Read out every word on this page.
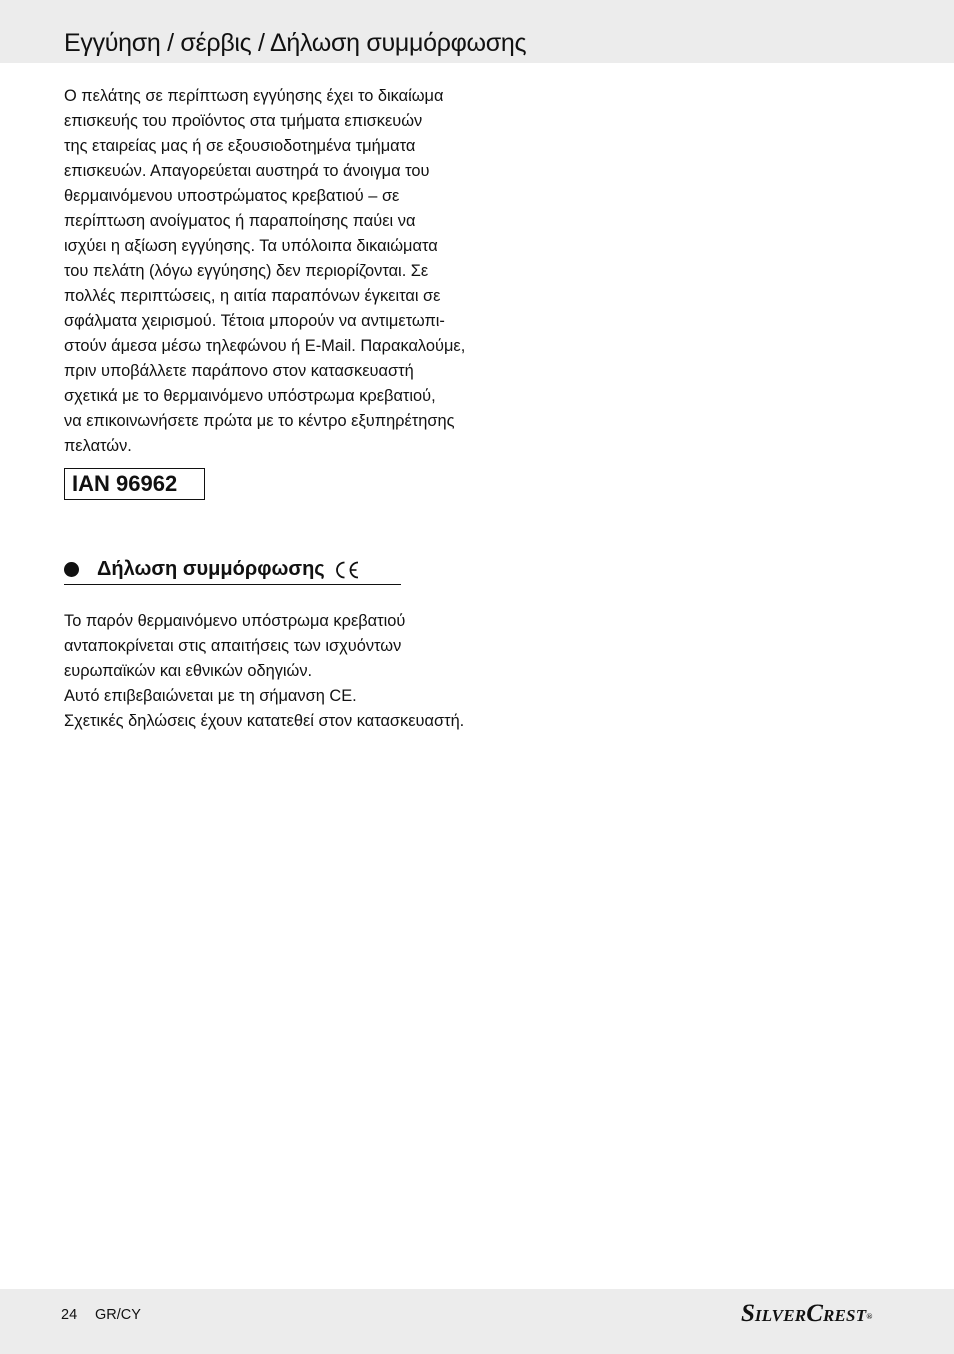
Εγγύηση / σέρβις / Δήλωση συμμόρφωσης
Ο πελάτης σε περίπτωση εγγύησης έχει το δικαίωμα
επισκευής του προϊόντος στα τμήματα επισκευών
της εταιρείας μας ή σε εξουσιοδοτημένα τμήματα
επισκευών. Απαγορεύεται αυστηρά το άνοιγμα του
θερμαινόμενου υποστρώματος κρεβατιού – σε
περίπτωση ανοίγματος ή παραποίησης παύει να
ισχύει η αξίωση εγγύησης. Τα υπόλοιπα δικαιώματα
του πελάτη (λόγω εγγύησης) δεν περιορίζονται. Σε
πολλές περιπτώσεις, η αιτία παραπόνων έγκειται σε
σφάλματα χειρισμού. Τέτοια μπορούν να αντιμετωπι-
στούν άμεσα μέσω τηλεφώνου ή E-Mail. Παρακαλούμε,
πριν υποβάλλετε παράπονο στον κατασκευαστή
σχετικά με το θερμαινόμενο υπόστρωμα κρεβατιού,
να επικοινωνήσετε πρώτα με το κέντρο εξυπηρέτησης
πελατών.
IAN 96962
Δήλωση συμμόρφωσης
Το παρόν θερμαινόμενο υπόστρωμα κρεβατιού
ανταποκρίνεται στις απαιτήσεις των ισχυόντων
ευρωπαϊκών και εθνικών οδηγιών.
Αυτό επιβεβαιώνεται με τη σήμανση CE.
Σχετικές δηλώσεις έχουν κατατεθεί στον κατασκευαστή.
24 GR/CY	SILVERCREST®
